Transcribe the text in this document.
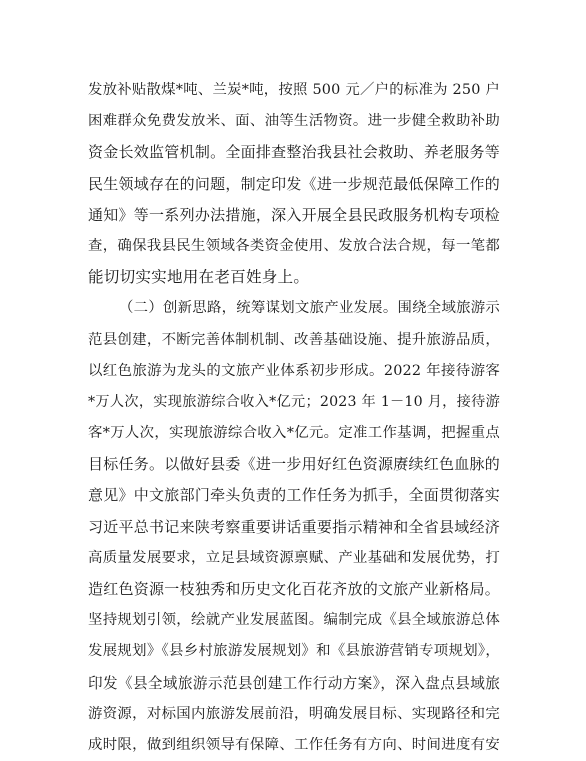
发放补贴散煤*吨、兰炭*吨，按照 500 元／户的标准为 250 户
困难群众免费发放米、面、油等生活物资。进一步健全救助补助
资金长效监管机制。全面排查整治我县社会救助、养老服务等
民生领域存在的问题，制定印发《进一步规范最低保障工作的
通知》等一系列办法措施，深入开展全县民政服务机构专项检
查，确保我县民生领域各类资金使用、发放合法合规，每一笔都
能切切实实地用在老百姓身上。
（二）创新思路，统筹谋划文旅产业发展。围绕全域旅游示
范县创建，不断完善体制机制、改善基础设施、提升旅游品质，
以红色旅游为龙头的文旅产业体系初步形成。2022 年接待游客
*万人次，实现旅游综合收入*亿元；2023 年 1－10 月，接待游
客*万人次，实现旅游综合收入*亿元。定准工作基调，把握重点
目标任务。以做好县委《进一步用好红色资源赓续红色血脉的
意见》中文旅部门牵头负责的工作任务为抓手，全面贯彻落实
习近平总书记来陕考察重要讲话重要指示精神和全省县域经济
高质量发展要求，立足县域资源禀赋、产业基础和发展优势，打
造红色资源一枝独秀和历史文化百花齐放的文旅产业新格局。
坚持规划引领，绘就产业发展蓝图。编制完成《县全域旅游总体
发展规划》《县乡村旅游发展规划》和《县旅游营销专项规划》，
印发《县全域旅游示范县创建工作行动方案》，深入盘点县域旅
游资源，对标国内旅游发展前沿，明确发展目标、实现路径和完
成时限，做到组织领导有保障、工作任务有方向、时间进度有安
